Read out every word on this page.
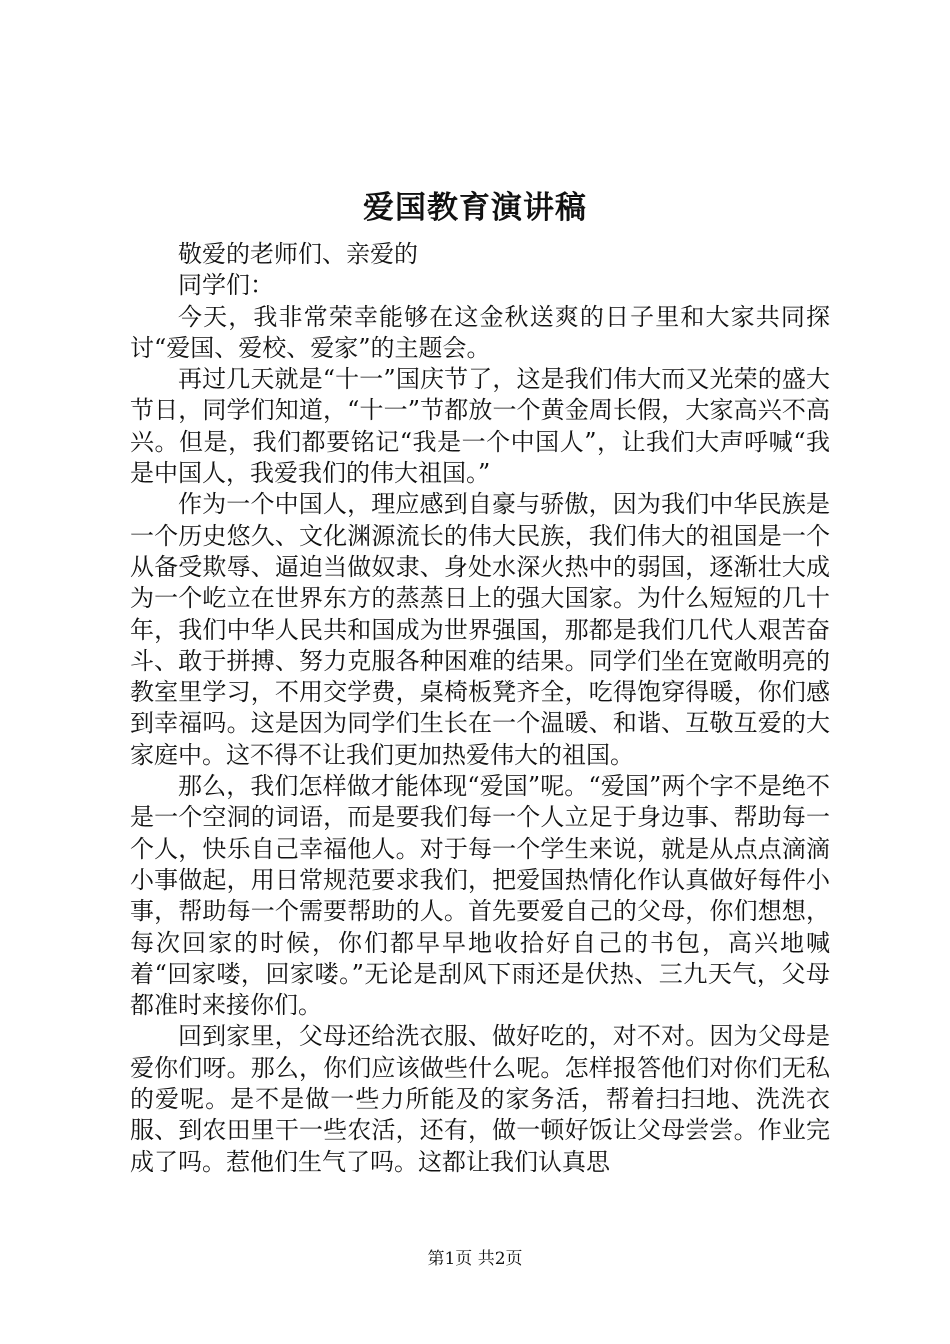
爱国教育演讲稿

敬爱的老师们、亲爱的

同学们：

今天，我非常荣幸能够在这金秋送爽的日子里和大家共同探讨“爱国、爱校、爱家”的主题会。

再过几天就是“十一”国庆节了，这是我们伟大而又光荣的盛大节日，同学们知道，“十一”节都放一个黄金周长假，大家高兴不高兴。但是，我们都要铭记“我是一个中国人”，让我们大声呼喊“我是中国人，我爱我们的伟大祖国。”

作为一个中国人，理应感到自豪与骄傲，因为我们中华民族是一个历史悠久、文化渊源流长的伟大民族，我们伟大的祖国是一个从备受欺辱、逼迫当做奴隶、身处水深火热中的弱国，逐渐壮大成为一个屹立在世界东方的蒸蒸日上的强大国家。为什么短短的几十年，我们中华人民共和国成为世界强国，那都是我们几代人艰苦奋斗、敢于拼搏、努力克服各种困难的结果。同学们坐在宽敞明亮的教室里学习，不用交学费，桌椅板凳齐全，吃得饱穿得暖，你们感到幸福吗。这是因为同学们生长在一个温暖、和谐、互敬互爱的大家庭中。这不得不让我们更加热爱伟大的祖国。

那么，我们怎样做才能体现“爱国”呢。“爱国”两个字不是绝不是一个空洞的词语，而是要我们每一个人立足于身边事、帮助每一个人，快乐自己幸福他人。对于每一个学生来说，就是从点点滴滴小事做起，用日常规范要求我们，把爱国热情化作认真做好每件小事，帮助每一个需要帮助的人。首先要爱自己的父母，你们想想，每次回家的时候，你们都早早地收拾好自己的书包，高兴地喊着“回家喽，回家喽。”无论是刮风下雨还是伏热、三九天气，父母都准时来接你们。

回到家里，父母还给洗衣服、做好吃的，对不对。因为父母是爱你们呀。那么，你们应该做些什么呢。怎样报答他们对你们无私的爱呢。是不是做一些力所能及的家务活，帮着扫扫地、洗洗衣服、到农田里干一些农活，还有，做一顿好饭让父母尝尝。作业完成了吗。惹他们生气了吗。这都让我们认真思

第1页 共2页
